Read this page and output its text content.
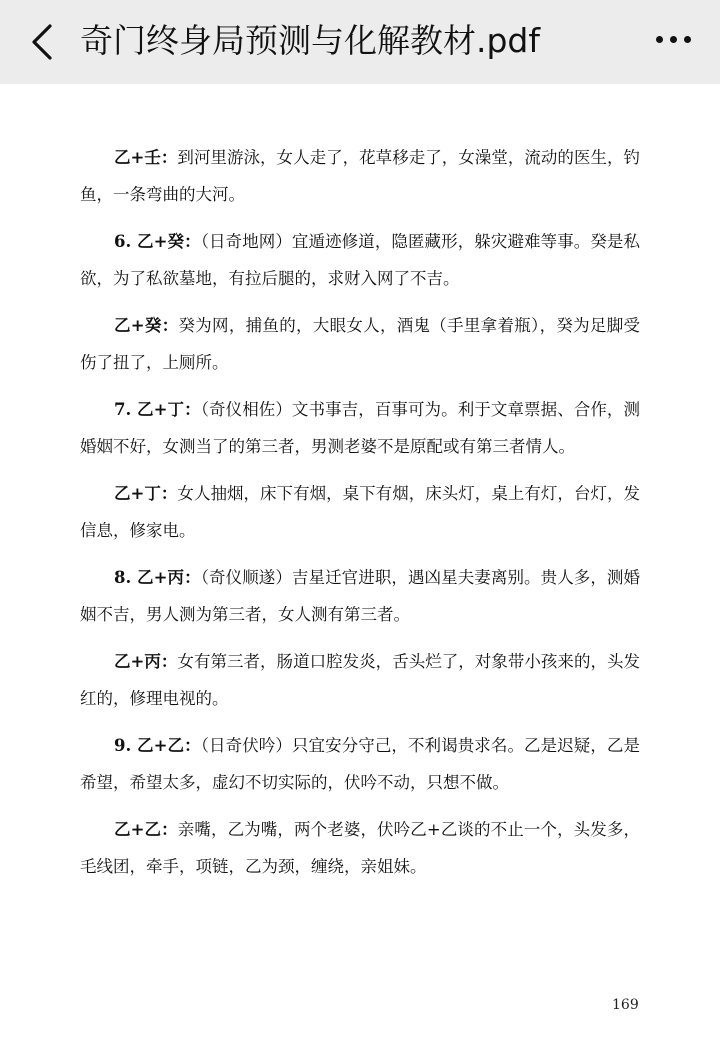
奇门终身局预测与化解教材.pdf

乙+壬：到河里游泳，女人走了，花草移走了，女澡堂，流动的医生，钓鱼，一条弯曲的大河。

6. 乙+癸：（日奇地网）宜遁迹修道，隐匿藏形，躲灾避难等事。癸是私欲，为了私欲墓地，有拉后腿的，求财入网了不吉。

乙+癸：癸为网，捕鱼的，大眼女人，酒鬼（手里拿着瓶），癸为足脚受伤了扭了，上厕所。

7. 乙+丁：（奇仪相佐）文书事吉，百事可为。利于文章票据、合作，测婚姻不好，女测当了的第三者，男测老婆不是原配或有第三者情人。

乙+丁：女人抽烟，床下有烟，桌下有烟，床头灯，桌上有灯，台灯，发信息，修家电。

8. 乙+丙：（奇仪顺遂）吉星迁官进职，遇凶星夫妻离别。贵人多，测婚姻不吉，男人测为第三者，女人测有第三者。

乙+丙：女有第三者，肠道口腔发炎，舌头烂了，对象带小孩来的，头发红的，修理电视的。

9. 乙+乙：（日奇伏吟）只宜安分守己，不利谒贵求名。乙是迟疑，乙是希望，希望太多，虚幻不切实际的，伏吟不动，只想不做。

乙+乙：亲嘴，乙为嘴，两个老婆，伏吟乙+乙谈的不止一个，头发多，毛线团，牵手，项链，乙为颈，缠绕，亲姐妹。

169
